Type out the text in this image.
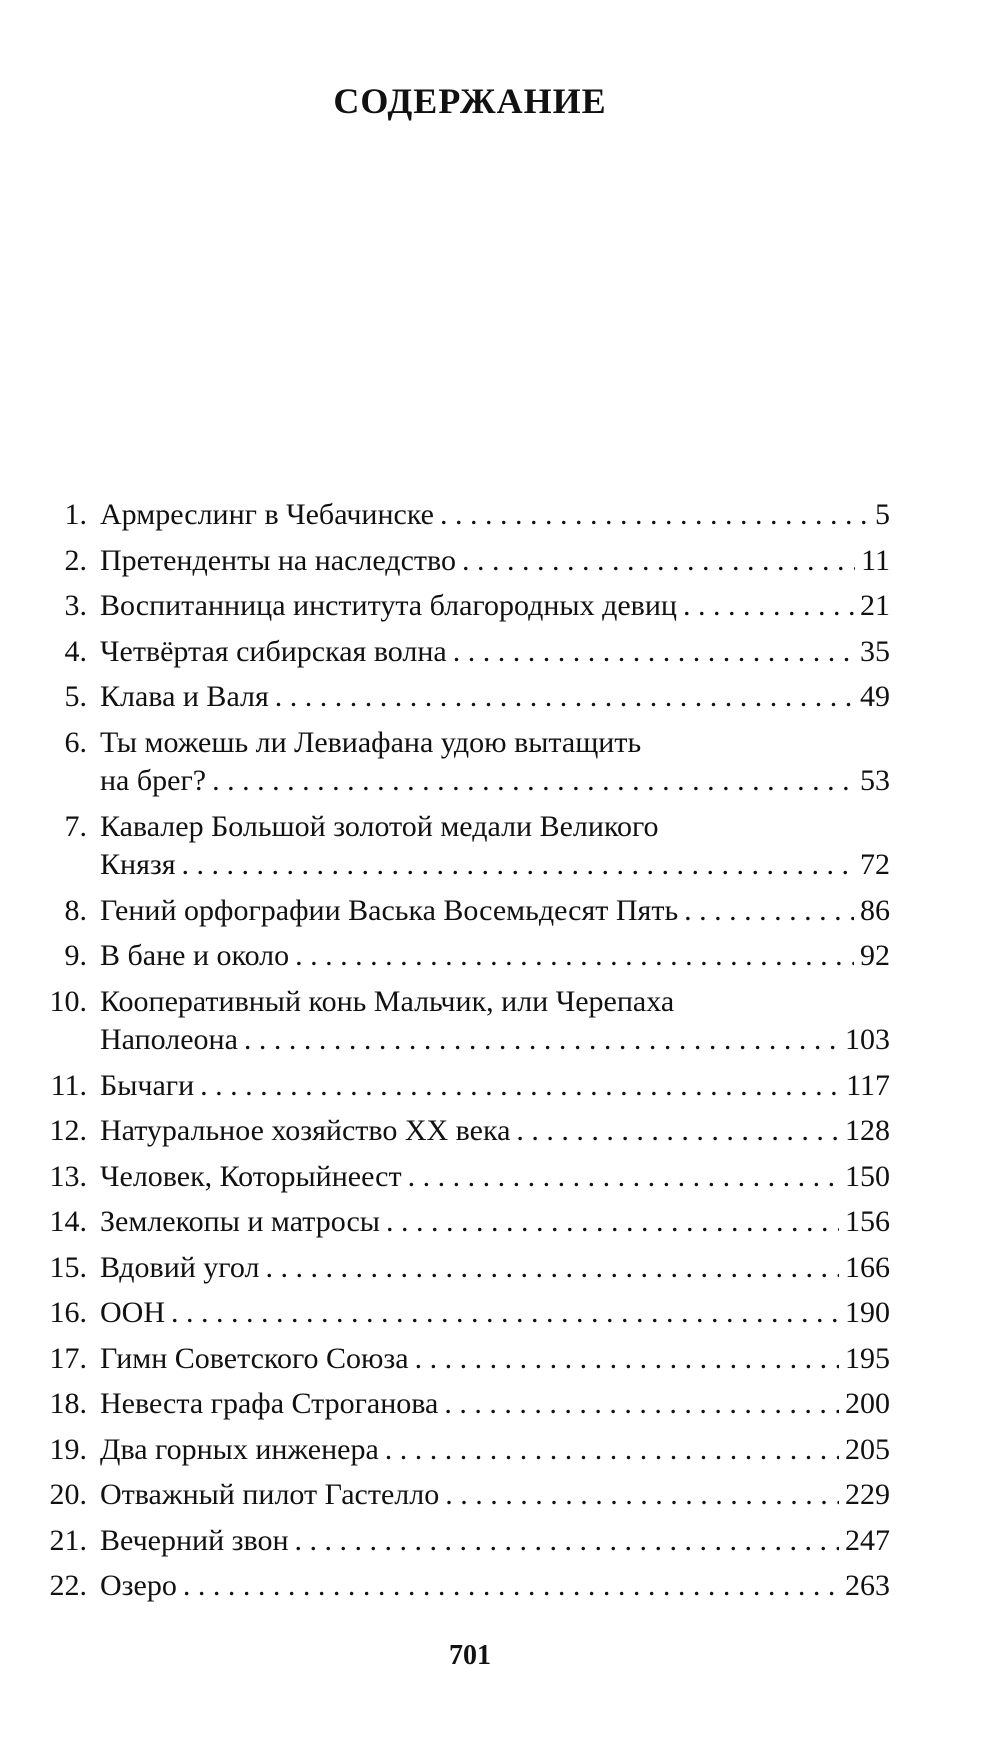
СОДЕРЖАНИЕ
1. Армреслинг в Чебачинске . . .	5
2. Претенденты на наследство . . .	11
3. Воспитанница института благородных девиц . . .	21
4. Четвёртая сибирская волна . . .	35
5. Клава и Валя . . .	49
6. Ты можешь ли Левиафана удою вытащить
на брег? . . .	53
7. Кавалер Большой золотой медали Великого
Князя . . .	72
8. Гений орфографии Васька Восемьдесят Пять . . .	86
9. В бане и около . . .	92
10. Кооперативный конь Мальчик, или Черепаха
Наполеона . . .	103
11. Бычаги . . .	117
12. Натуральное хозяйство XX века . . .	128
13. Человек, Которыйнеест . . .	150
14. Землекопы и матросы . . .	156
15. Вдовий угол . . .	166
16. ООН . . .	190
17. Гимн Советского Союза . . .	195
18. Невеста графа Строганова . . .	200
19. Два горных инженера . . .	205
20. Отважный пилот Гастелло . . .	229
21. Вечерний звон . . .	247
22. Озеро . . .	263
701
